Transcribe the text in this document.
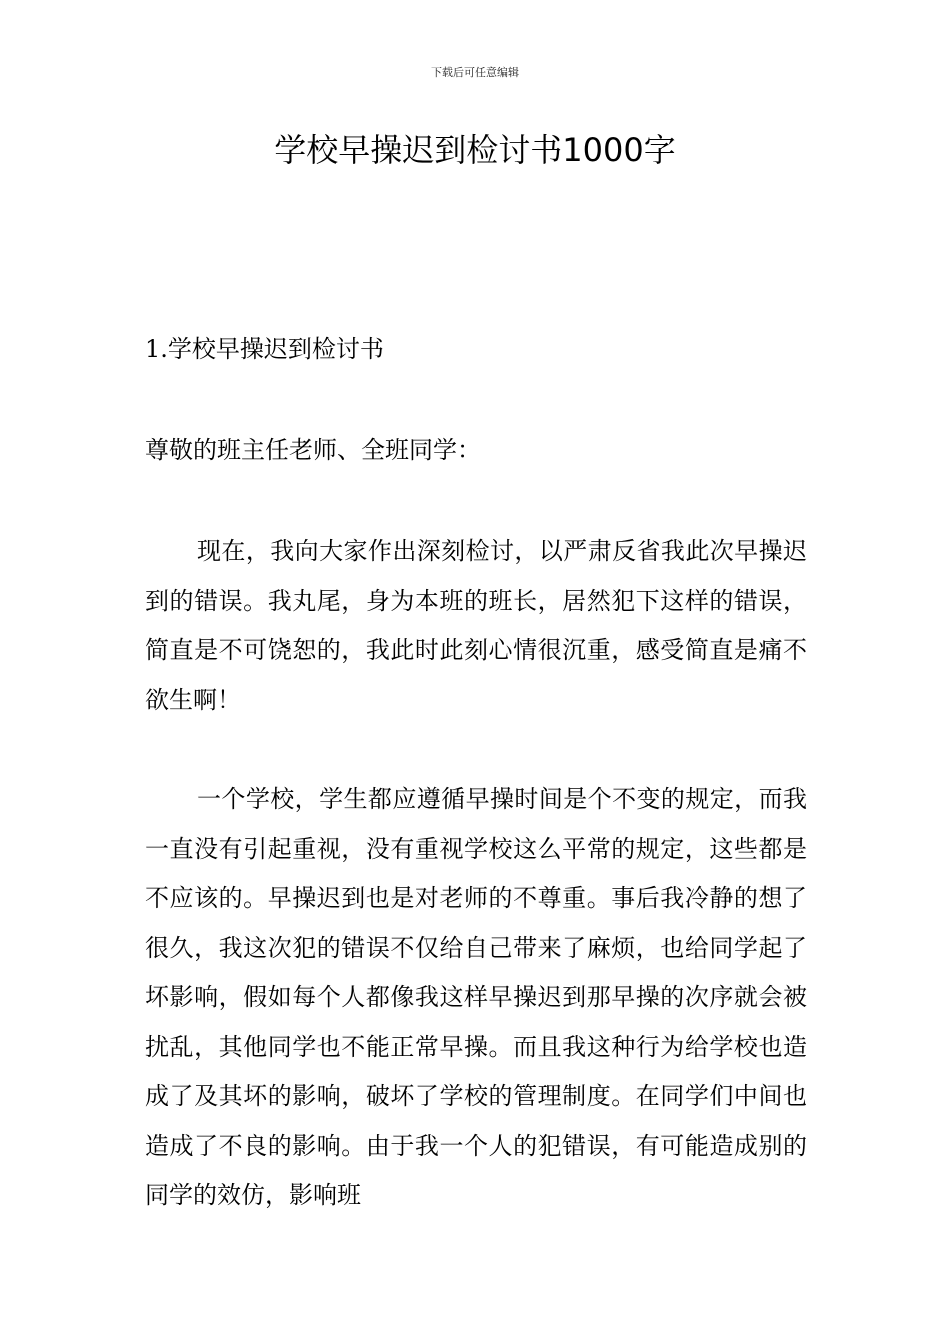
下载后可任意编辑
学校早操迟到检讨书1000字
1.学校早操迟到检讨书

尊敬的班主任老师、全班同学：

现在，我向大家作出深刻检讨，以严肃反省我此次早操迟到的错误。我丸尾，身为本班的班长，居然犯下这样的错误，简直是不可饶恕的，我此时此刻心情很沉重，感受简直是痛不欲生啊！

一个学校，学生都应遵循早操时间是个不变的规定，而我一直没有引起重视，没有重视学校这么平常的规定，这些都是不应该的。早操迟到也是对老师的不尊重。事后我冷静的想了很久，我这次犯的错误不仅给自己带来了麻烦，也给同学起了坏影响，假如每个人都像我这样早操迟到那早操的次序就会被扰乱，其他同学也不能正常早操。而且我这种行为给学校也造成了及其坏的影响，破坏了学校的管理制度。在同学们中间也造成了不良的影响。由于我一个人的犯错误，有可能造成别的同学的效仿，影响班
